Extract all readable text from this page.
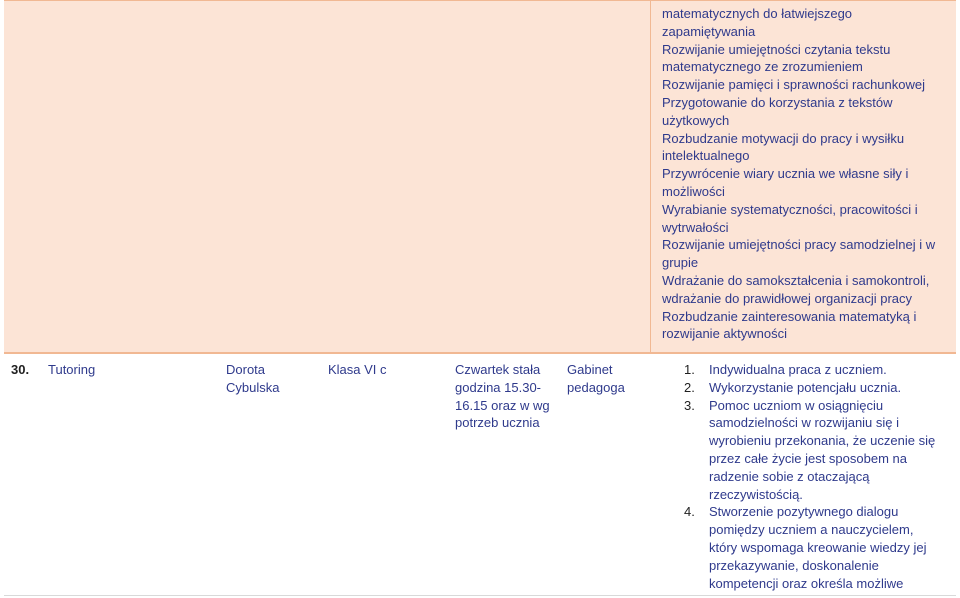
matematycznych do łatwiejszego
zapamiętywania
Rozwijanie umiejętności czytania tekstu
matematycznego ze zrozumieniem
Rozwijanie pamięci i sprawności rachunkowej
Przygotowanie do korzystania z tekstów
użytkowych
Rozbudzanie motywacji do pracy i wysiłku
intelektualnego
Przywrócenie wiary ucznia we własne siły i
możliwości
Wyrabianie systematyczności, pracowitości i
wytrwałości
Rozwijanie umiejętności pracy samodzielnej i w
grupie
Wdrażanie do samokształcenia i samokontroli,
wdrażanie do prawidłowej organizacji pracy
Rozbudzanie zainteresowania matematyką i
rozwijanie aktywności
30. Tutoring	Dorota
Cybulska
Klasa VI c	Czwartek stała
godzina 15.30-
16.15 oraz w wg
potrzeb ucznia
Gabinet
pedagoga
1. Indywidualna praca z uczniem.
2. Wykorzystanie potencjału ucznia.
3. Pomoc uczniom w osiągnięciu
samodzielności w rozwijaniu się i
wyrobieniu przekonania, że uczenie się
przez całe życie jest sposobem na
radzenie sobie z otaczającą
rzeczywistością.
4. Stworzenie pozytywnego dialogu
pomiędzy uczniem a nauczycielem,
który wspomaga kreowanie wiedzy jej
przekazywanie, doskonalenie
kompetencji oraz określa możliwe
